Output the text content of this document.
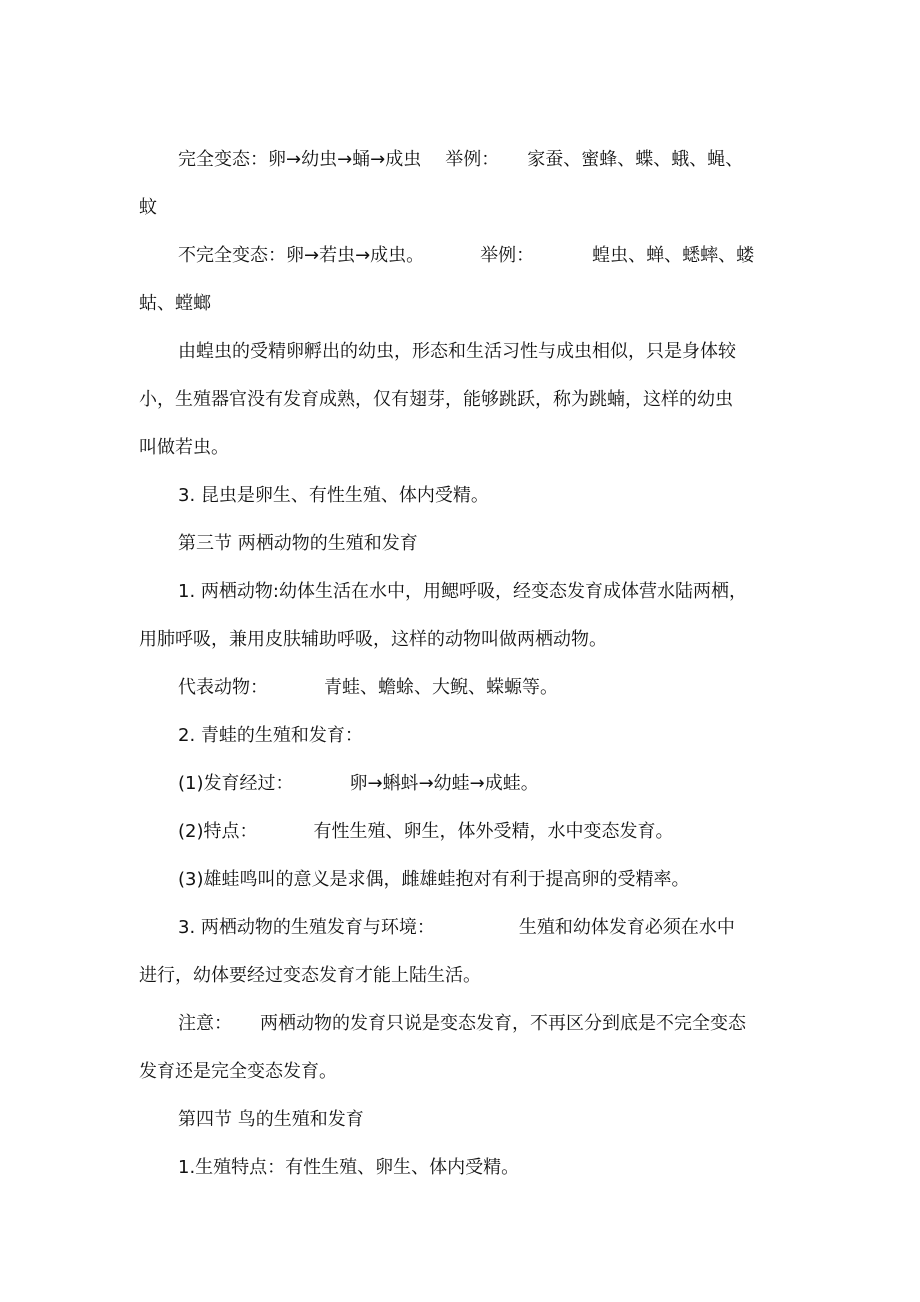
完全变态：卵→幼虫→蛹→成虫 举例： 家蚕、蜜蜂、蝶、蛾、蝇、
蚊
不完全变态：卵→若虫→成虫。	举例：	蝗虫、蝉、蟋蟀、蝼
蛄、螳螂
由蝗虫的受精卵孵出的幼虫，形态和生活习性与成虫相似，只是身体较
小，生殖器官没有发育成熟，仅有翅芽，能够跳跃，称为跳蝻，这样的幼虫
叫做若虫。
3. 昆虫是卵生、有性生殖、体内受精。
第三节 两栖动物的生殖和发育
1. 两栖动物:幼体生活在水中，用鳃呼吸，经变态发育成体营水陆两栖，
用肺呼吸，兼用皮肤辅助呼吸，这样的动物叫做两栖动物。
代表动物：	青蛙、蟾蜍、大鲵、蝾螈等。
2. 青蛙的生殖和发育：
(1)发育经过：	卵→蝌蚪→幼蛙→成蛙。
(2)特点：	有性生殖、卵生，体外受精，水中变态发育。
(3)雄蛙鸣叫的意义是求偶，雌雄蛙抱对有利于提高卵的受精率。
3. 两栖动物的生殖发育与环境：	生殖和幼体发育必须在水中
进行，幼体要经过变态发育才能上陆生活。
注意： 两栖动物的发育只说是变态发育，不再区分到底是不完全变态
发育还是完全变态发育。
第四节 鸟的生殖和发育
1.生殖特点：有性生殖、卵生、体内受精。
